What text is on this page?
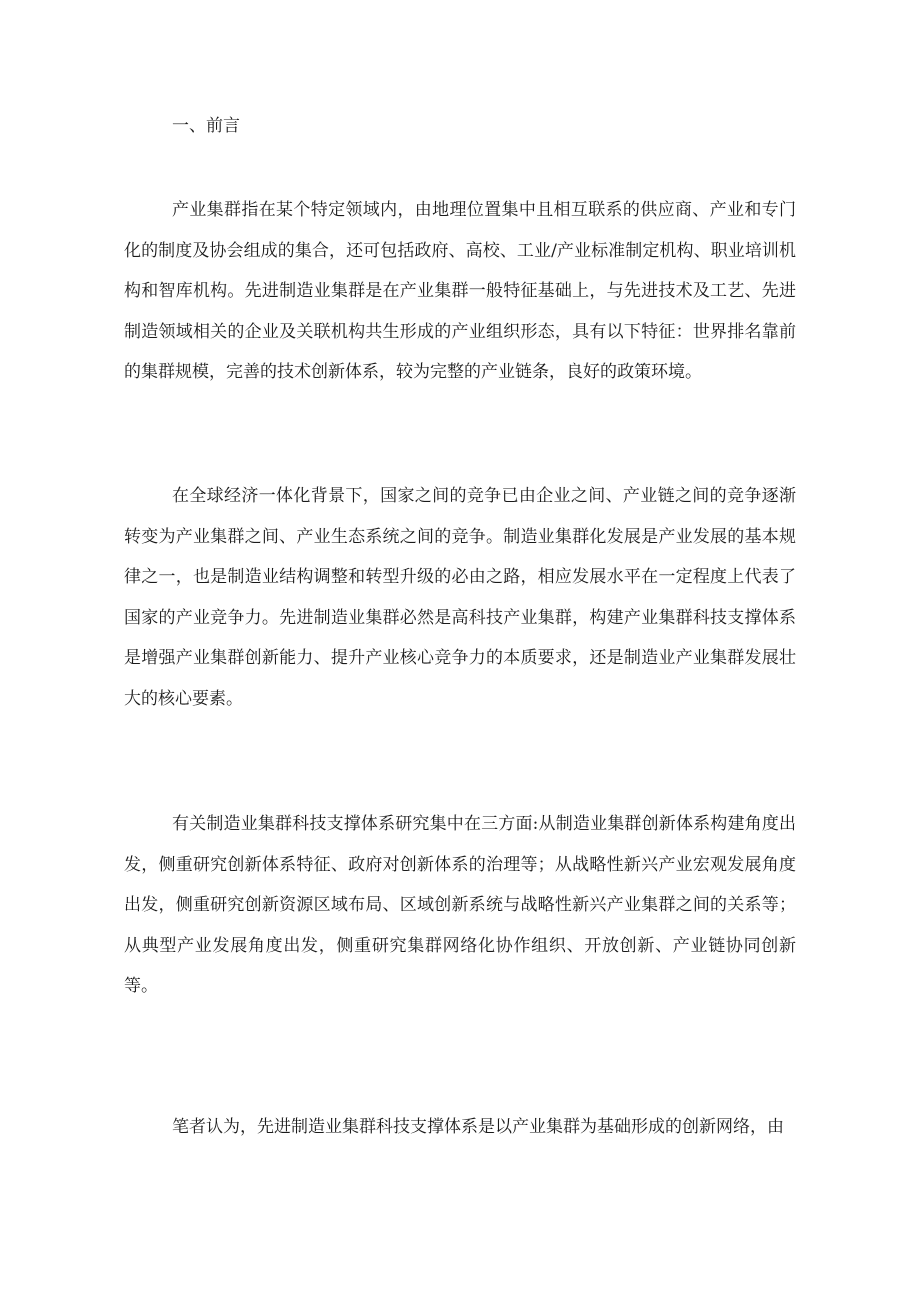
一、前言

产业集群指在某个特定领域内，由地理位置集中且相互联系的供应商、产业和专门化的制度及协会组成的集合，还可包括政府、高校、工业/产业标准制定机构、职业培训机构和智库机构。先进制造业集群是在产业集群一般特征基础上，与先进技术及工艺、先进制造领域相关的企业及关联机构共生形成的产业组织形态，具有以下特征：世界排名靠前的集群规模，完善的技术创新体系，较为完整的产业链条，良好的政策环境。

在全球经济一体化背景下，国家之间的竞争已由企业之间、产业链之间的竞争逐渐转变为产业集群之间、产业生态系统之间的竞争。制造业集群化发展是产业发展的基本规律之一，也是制造业结构调整和转型升级的必由之路，相应发展水平在一定程度上代表了国家的产业竞争力。先进制造业集群必然是高科技产业集群，构建产业集群科技支撑体系是增强产业集群创新能力、提升产业核心竞争力的本质要求，还是制造业产业集群发展壮大的核心要素。

有关制造业集群科技支撑体系研究集中在三方面:从制造业集群创新体系构建角度出发，侧重研究创新体系特征、政府对创新体系的治理等；从战略性新兴产业宏观发展角度出发，侧重研究创新资源区域布局、区域创新系统与战略性新兴产业集群之间的关系等；从典型产业发展角度出发，侧重研究集群网络化协作组织、开放创新、产业链协同创新等。

笔者认为，先进制造业集群科技支撑体系是以产业集群为基础形成的创新网络，由
